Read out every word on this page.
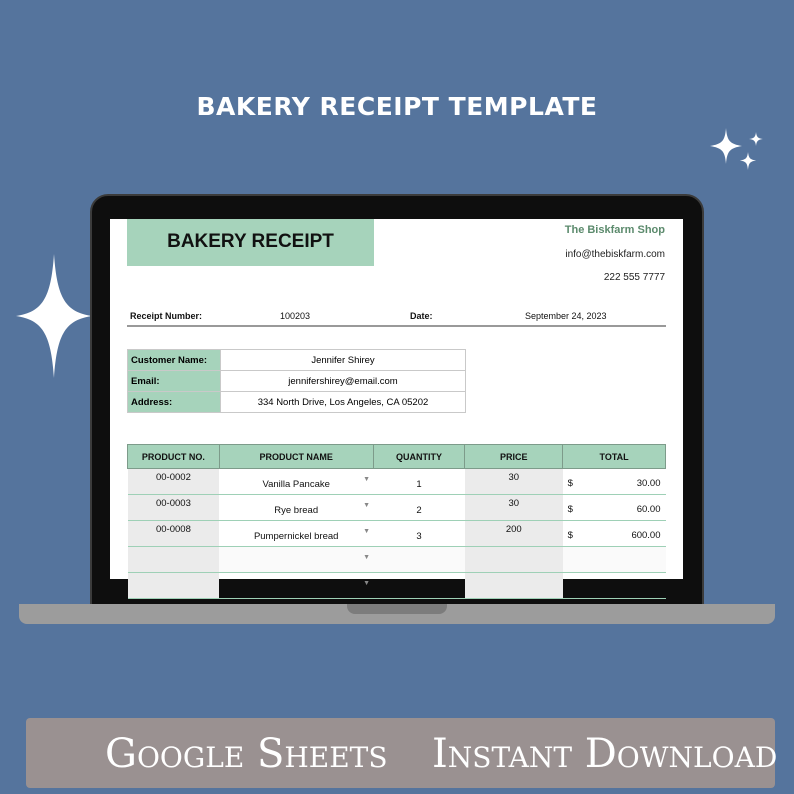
BAKERY RECEIPT TEMPLATE
BAKERY RECEIPT
The Biskfarm Shop
info@thebiskfarm.com
222 555 7777
Receipt Number:	100203	Date:	September 24, 2023
Customer Name:	Jennifer Shirey
Email:	jennifershirey@email.com
Address:	334 North Drive, Los Angeles, CA 05202
PRODUCT NO.	PRODUCT NAME	QUANTITY	PRICE	TOTAL
00-0002	Vanilla Pancake ▼	1	30	$ 30.00

00-0003	Rye bread ▼	2	30	$ 60.00

00-0008	Pumpernickel bread ▼	3	200	$ 600.00

	▼			

	▼			

Google Sheets Instant Download
